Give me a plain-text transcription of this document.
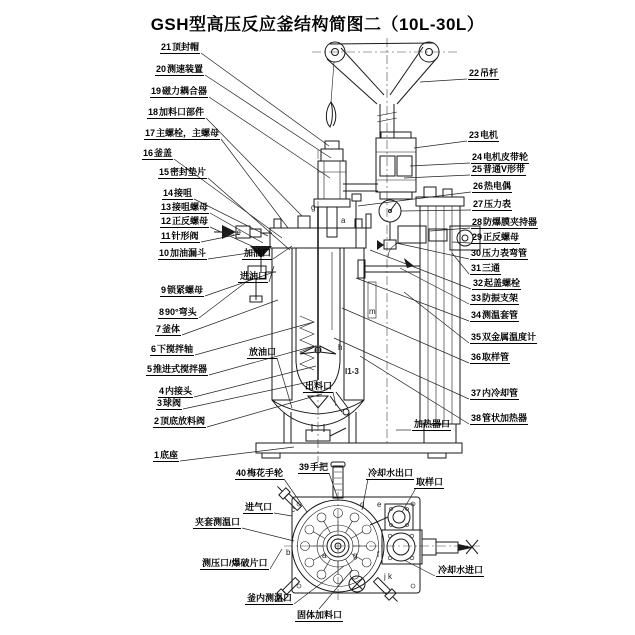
GSH型高压反应釜结构简图二（10L-30L）
21顶封帽
20测速装置
19磁力耦合器
18加料口部件
17主螺栓，主螺母
16釜盖
15密封垫片
14接咀
13接咀螺母
12正反螺母
11针形阀
10加油漏斗
9锁紧螺母
890°弯头
7釜体
6下搅拌轴
5推进式搅拌器
4内接头
3球阀
2顶底放料阀
1底座
22吊杆
23电机
24电机皮带轮
25普通V形带
26热电偶
27压力表
28防爆膜夹持器
29正反螺母
30压力表弯管
31三通
32起盖螺栓
33防振支架
34测温套管
35双金属温度计
36取样管
37内冷却管
38管状加热器
加油口
进油口
放油口
出料口
加热器口
进气口
夹套测温口
测压口/爆破片口
冷却水出口
取样口
冷却水进口
釜内测温口
固体加料口
40梅花手轮
39手把
g
a
c, e
h
m
c
d e
b	a	g f
j k
I1-3
